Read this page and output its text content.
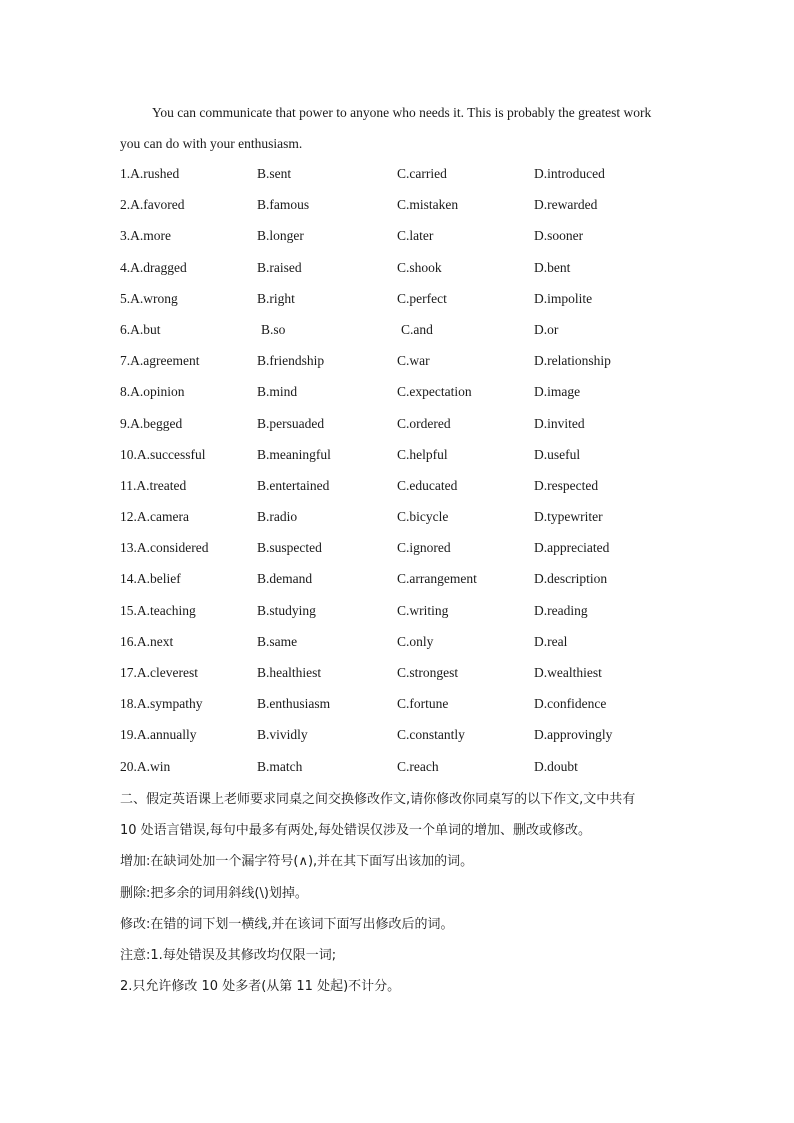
You can communicate that power to anyone who needs it. This is probably the greatest work
you can do with your enthusiasm.

1.A.rushed	B.sent	C.carried	D.introduced
2.A.favored	B.famous	C.mistaken	D.rewarded
3.A.more	B.longer	C.later	D.sooner
4.A.dragged	B.raised	C.shook	D.bent
5.A.wrong	B.right	C.perfect	D.impolite
6.A.but	B.so	C.and	D.or
7.A.agreement	B.friendship	C.war	D.relationship
8.A.opinion	B.mind	C.expectation	D.image
9.A.begged	B.persuaded	C.ordered	D.invited
10.A.successful	B.meaningful	C.helpful	D.useful
11.A.treated	B.entertained	C.educated	D.respected
12.A.camera	B.radio	C.bicycle	D.typewriter
13.A.considered	B.suspected	C.ignored	D.appreciated
14.A.belief	B.demand	C.arrangement	D.description
15.A.teaching	B.studying	C.writing	D.reading
16.A.next	B.same	C.only	D.real
17.A.cleverest	B.healthiest	C.strongest	D.wealthiest
18.A.sympathy	B.enthusiasm	C.fortune	D.confidence
19.A.annually	B.vividly	C.constantly	D.approvingly
20.A.win	B.match	C.reach	D.doubt

二、假定英语课上老师要求同桌之间交换修改作文,请你修改你同桌写的以下作文,文中共有

10 处语言错误,每句中最多有两处,每处错误仅涉及一个单词的增加、删改或修改。

增加:在缺词处加一个漏字符号(∧),并在其下面写出该加的词。

删除:把多余的词用斜线(\)划掉。

修改:在错的词下划一横线,并在该词下面写出修改后的词。

注意:1.每处错误及其修改均仅限一词;

2.只允许修改 10 处多者(从第 11 处起)不计分。
